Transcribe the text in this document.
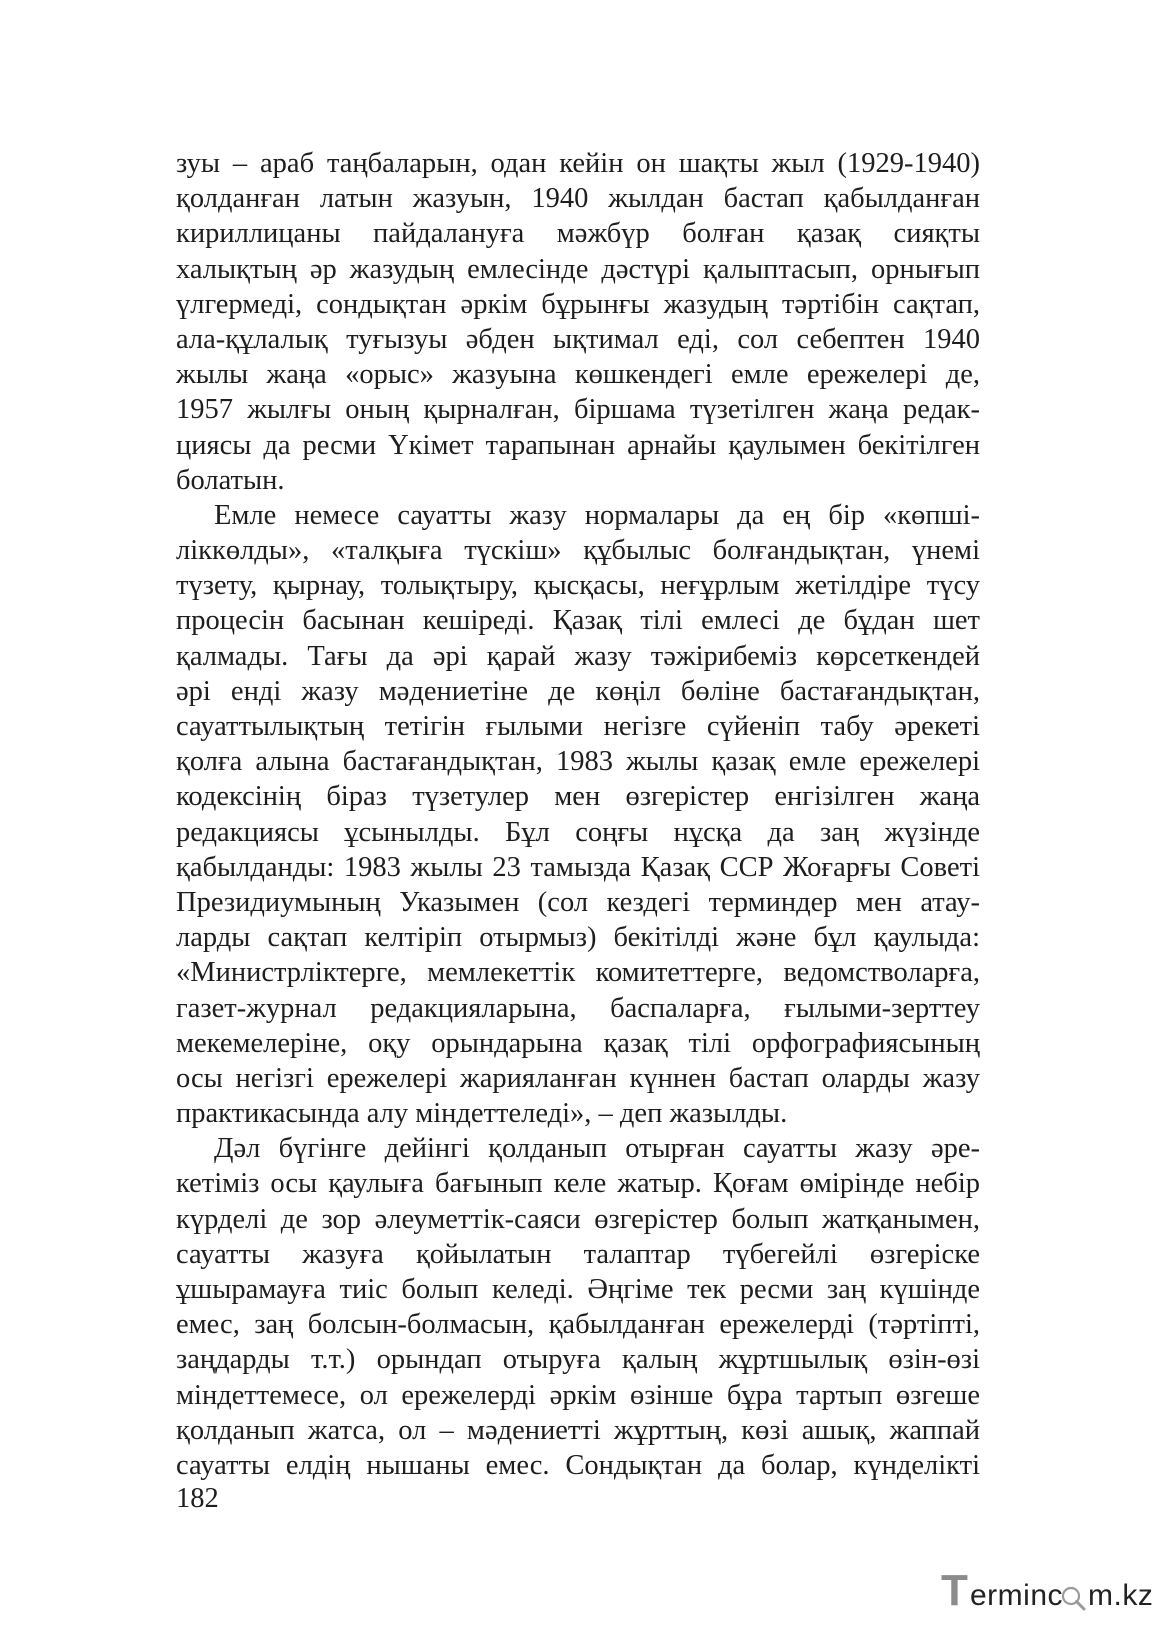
зуы – араб таңбаларын, одан кейін он шақты жыл (1929-1940)
қолданған латын жазуын, 1940 жылдан бастап қабылданған
кириллицаны пайдалануға мәжбүр болған қазақ сияқты
халықтың әр жазудың емлесінде дәстүрі қалыптасып, орнығып
үлгермеді, сондықтан әркім бұрынғы жазудың тәртібін сақтап,
ала-құлалық туғызуы әбден ықтимал еді, сол себептен 1940
жылы жаңа «орыс» жазуына көшкендегі емле ережелері де,
1957 жылғы оның қырналған, біршама түзетілген жаңа редак-
циясы да ресми Үкімет тарапынан арнайы қаулымен бекітілген
болатын.
Емле немесе сауатты жазу нормалары да ең бір «көпші-
ліккөлды», «талқыға түскіш» құбылыс болғандықтан, үнемі
түзету, қырнау, толықтыру, қысқасы, неғұрлым жетілдіре түсу
процесін басынан кешіреді. Қазақ тілі емлесі де бұдан шет
қалмады. Тағы да әрі қарай жазу тәжірибеміз көрсеткендей
әрі енді жазу мәдениетіне де көңіл бөліне бастағандықтан,
сауаттылықтың тетігін ғылыми негізге сүйеніп табу әрекеті
қолға алына бастағандықтан, 1983 жылы қазақ емле ережелері
кодексінің біраз түзетулер мен өзгерістер енгізілген жаңа
редакциясы ұсынылды. Бұл соңғы нұсқа да заң жүзінде
қабылданды: 1983 жылы 23 тамызда Қазақ ССР Жоғарғы Советі
Президиумының Указымен (сол кездегі терминдер мен атау-
ларды сақтап келтіріп отырмыз) бекітілді және бұл қаулыда:
«Министрліктерге, мемлекеттік комитеттерге, ведомстволарға,
газет-журнал редакцияларына, баспаларға, ғылыми-зерттеу
мекемелеріне, оқу орындарына қазақ тілі орфографиясының
осы негізгі ережелері жарияланған күннен бастап оларды жазу
практикасында алу міндеттеледі», – деп жазылды.
Дәл бүгінге дейінгі қолданып отырған сауатты жазу әре-
кетіміз осы қаулыға бағынып келе жатыр. Қоғам өмірінде небір
күрделі де зор әлеуметтік-саяси өзгерістер болып жатқанымен,
сауатты жазуға қойылатын талаптар түбегейлі өзгеріске
ұшырамауға тиіс болып келеді. Әңгіме тек ресми заң күшінде
емес, заң болсын-болмасын, қабылданған ережелерді (тәртіпті,
заңдарды т.т.) орындап отыруға қалың жұртшылық өзін-өзі
міндеттемесе, ол ережелерді әркім өзінше бұра тартып өзгеше
қолданып жатса, ол – мәдениетті жұрттың, көзі ашық, жаппай
сауатты елдің нышаны емес. Сондықтан да болар, күнделікті
182
T erminc m.kz
